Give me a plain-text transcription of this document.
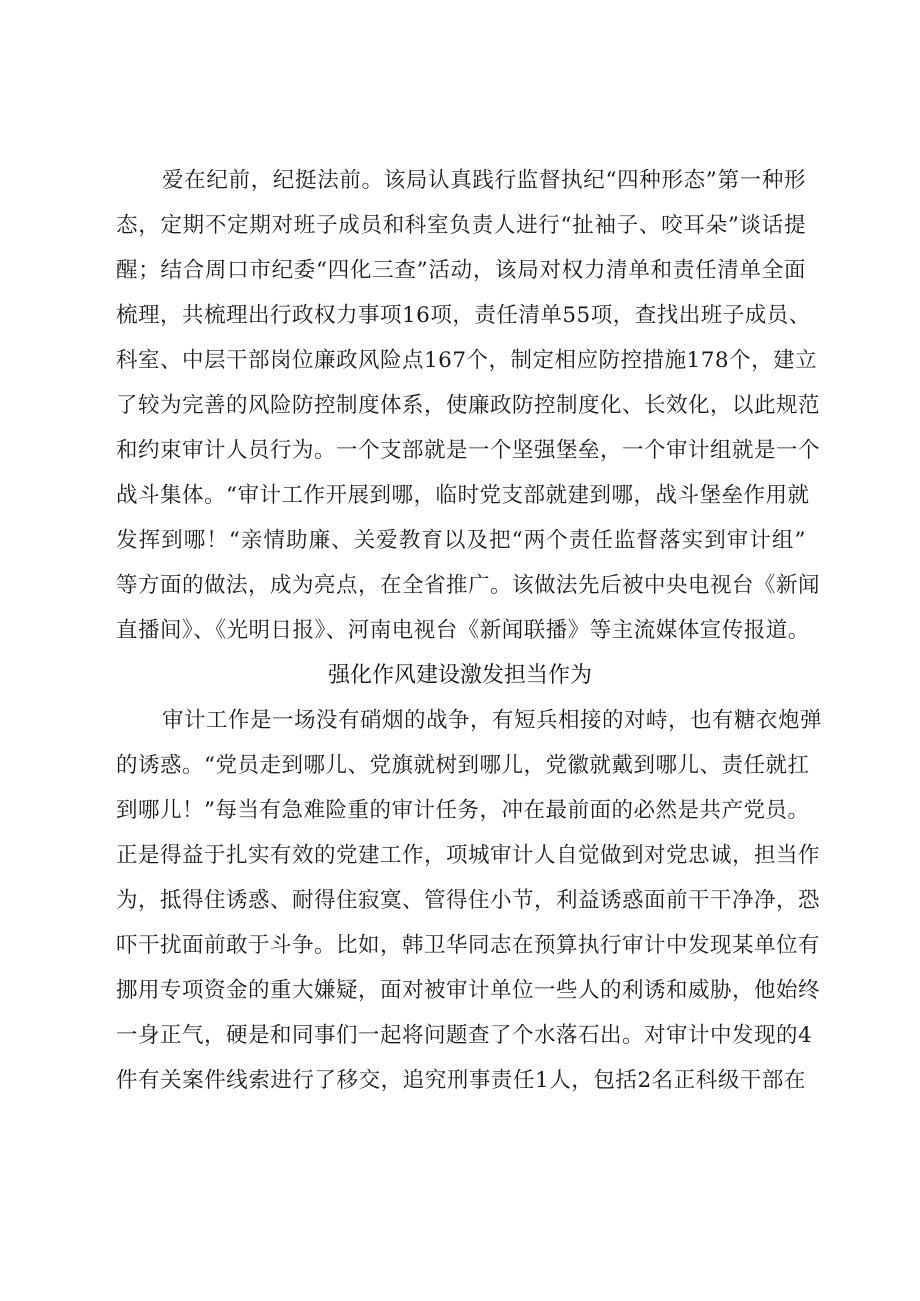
爱在纪前，纪挺法前。该局认真践行监督执纪“四种形态”第一种形
态，定期不定期对班子成员和科室负责人进行“扯袖子、咬耳朵”谈话提
醒；结合周口市纪委“四化三查”活动，该局对权力清单和责任清单全面
梳理，共梳理出行政权力事项16项，责任清单55项，查找出班子成员、
科室、中层干部岗位廉政风险点167个，制定相应防控措施178个，建立
了较为完善的风险防控制度体系，使廉政防控制度化、长效化，以此规范
和约束审计人员行为。一个支部就是一个坚强堡垒，一个审计组就是一个
战斗集体。“审计工作开展到哪，临时党支部就建到哪，战斗堡垒作用就
发挥到哪！“亲情助廉、关爱教育以及把“两个责任监督落实到审计组”
等方面的做法，成为亮点，在全省推广。该做法先后被中央电视台《新闻
直播间》、《光明日报》、河南电视台《新闻联播》等主流媒体宣传报道。
强化作风建设激发担当作为
审计工作是一场没有硝烟的战争，有短兵相接的对峙，也有糖衣炮弹
的诱惑。“党员走到哪儿、党旗就树到哪儿，党徽就戴到哪儿、责任就扛
到哪儿！”每当有急难险重的审计任务，冲在最前面的必然是共产党员。
正是得益于扎实有效的党建工作，项城审计人自觉做到对党忠诚，担当作
为，抵得住诱惑、耐得住寂寞、管得住小节，利益诱惑面前干干净净，恐
吓干扰面前敢于斗争。比如，韩卫华同志在预算执行审计中发现某单位有
挪用专项资金的重大嫌疑，面对被审计单位一些人的利诱和威胁，他始终
一身正气，硬是和同事们一起将问题查了个水落石出。对审计中发现的4
件有关案件线索进行了移交，追究刑事责任1人，包括2名正科级干部在
